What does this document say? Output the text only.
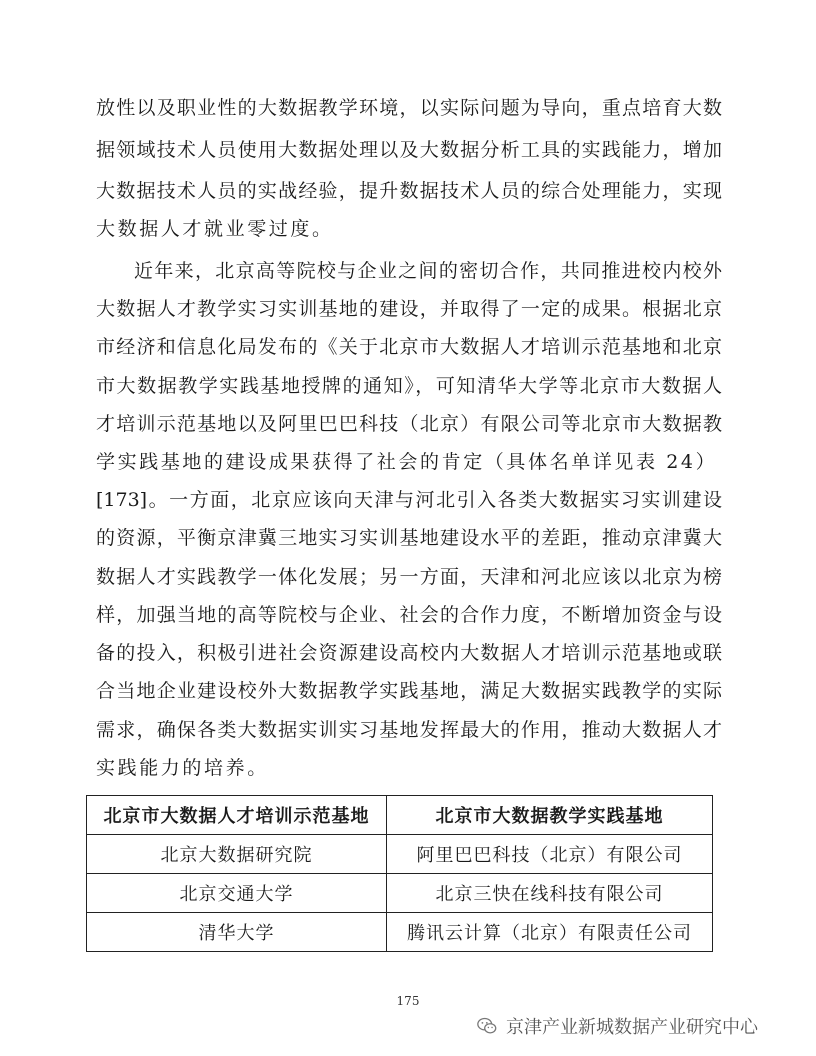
放性以及职业性的大数据教学环境，以实际问题为导向，重点培育大数
据领域技术人员使用大数据处理以及大数据分析工具的实践能力，增加
大数据技术人员的实战经验，提升数据技术人员的综合处理能力，实现
大数据人才就业零过度。
近年来，北京高等院校与企业之间的密切合作，共同推进校内校外
大数据人才教学实习实训基地的建设，并取得了一定的成果。根据北京
市经济和信息化局发布的《关于北京市大数据人才培训示范基地和北京
市大数据教学实践基地授牌的通知》，可知清华大学等北京市大数据人
才培训示范基地以及阿里巴巴科技（北京）有限公司等北京市大数据教
学实践基地的建设成果获得了社会的肯定（具体名单详见表 24）
[173]。一方面，北京应该向天津与河北引入各类大数据实习实训建设
的资源，平衡京津冀三地实习实训基地建设水平的差距，推动京津冀大
数据人才实践教学一体化发展；另一方面，天津和河北应该以北京为榜
样，加强当地的高等院校与企业、社会的合作力度，不断增加资金与设
备的投入，积极引进社会资源建设高校内大数据人才培训示范基地或联
合当地企业建设校外大数据教学实践基地，满足大数据实践教学的实际
需求，确保各类大数据实训实习基地发挥最大的作用，推动大数据人才
实践能力的培养。
北京市大数据人才培训示范基地	北京市大数据教学实践基地
北京大数据研究院	阿里巴巴科技（北京）有限公司
北京交通大学	北京三快在线科技有限公司
清华大学	腾讯云计算（北京）有限责任公司
175
京津产业新城数据产业研究中心
